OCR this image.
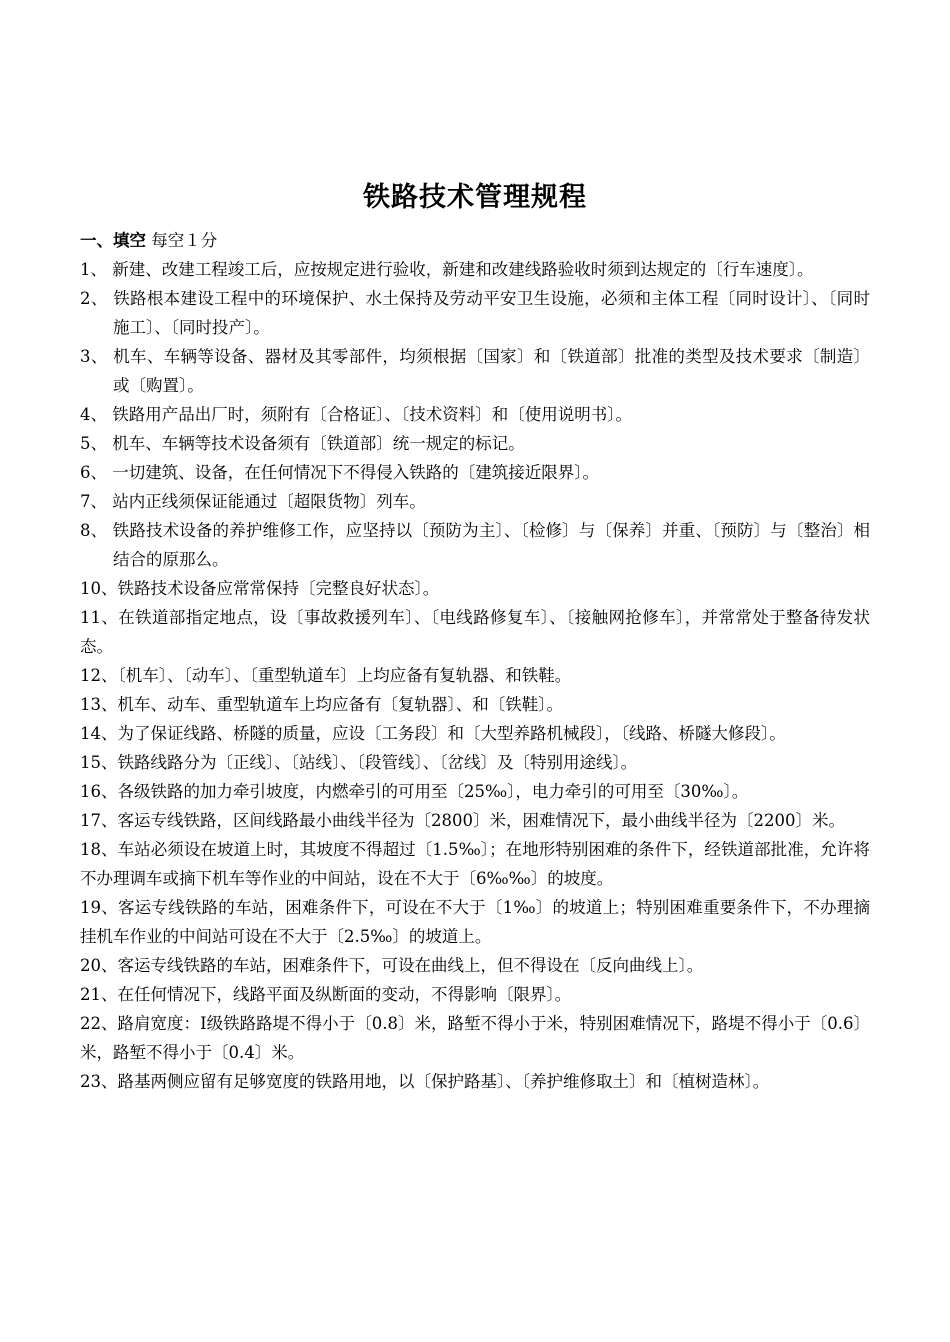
铁路技术管理规程

一、填空 每空１分

1、 新建、改建工程竣工后，应按规定进行验收，新建和改建线路验收时须到达规定的〔行车速度〕。
2、 铁路根本建设工程中的环境保护、水土保持及劳动平安卫生设施，必须和主体工程〔同时设计〕、〔同时施工〕、〔同时投产〕。
3、 机车、车辆等设备、器材及其零部件，均须根据〔国家〕和〔铁道部〕批准的类型及技术要求〔制造〕或〔购置〕。
4、 铁路用产品出厂时，须附有〔合格证〕、〔技术资料〕和〔使用说明书〕。
5、 机车、车辆等技术设备须有〔铁道部〕统一规定的标记。
6、 一切建筑、设备，在任何情况下不得侵入铁路的〔建筑接近限界〕。
7、 站内正线须保证能通过〔超限货物〕列车。
8、 铁路技术设备的养护维修工作，应坚持以〔预防为主〕、〔检修〕与〔保养〕并重、〔预防〕与〔整治〕相结合的原那么。
10、铁路技术设备应常常保持〔完整良好状态〕。
11、在铁道部指定地点，设〔事故救援列车〕、〔电线路修复车〕、〔接触网抢修车〕，并常常处于整备待发状态。
12、〔机车〕、〔动车〕、〔重型轨道车〕上均应备有复轨器、和铁鞋。
13、机车、动车、重型轨道车上均应备有〔复轨器〕、和〔铁鞋〕。
14、为了保证线路、桥隧的质量，应设〔工务段〕和〔大型养路机械段〕，〔线路、桥隧大修段〕。
15、铁路线路分为〔正线〕、〔站线〕、〔段管线〕、〔岔线〕及〔特别用途线〕。
16、各级铁路的加力牵引坡度，内燃牵引的可用至〔25‰〕，电力牵引的可用至〔30‰〕。
17、客运专线铁路，区间线路最小曲线半径为〔2800〕米，困难情况下，最小曲线半径为〔2200〕米。
18、车站必须设在坡道上时，其坡度不得超过〔1.5‰〕；在地形特别困难的条件下，经铁道部批准，允许将不办理调车或摘下机车等作业的中间站，设在不大于〔6‰‰〕的坡度。
19、客运专线铁路的车站，困难条件下，可设在不大于〔1‰〕的坡道上；特别困难重要条件下，不办理摘挂机车作业的中间站可设在不大于〔2.5‰〕的坡道上。
20、客运专线铁路的车站，困难条件下，可设在曲线上，但不得设在〔反向曲线上〕。
21、在任何情况下，线路平面及纵断面的变动，不得影响〔限界〕。
22、路肩宽度：Ⅰ级铁路路堤不得小于〔0.8〕米，路堑不得小于米，特别困难情况下，路堤不得小于〔0.6〕米，路堑不得小于〔0.4〕米。
23、路基两侧应留有足够宽度的铁路用地，以〔保护路基〕、〔养护维修取土〕和〔植树造林〕。
